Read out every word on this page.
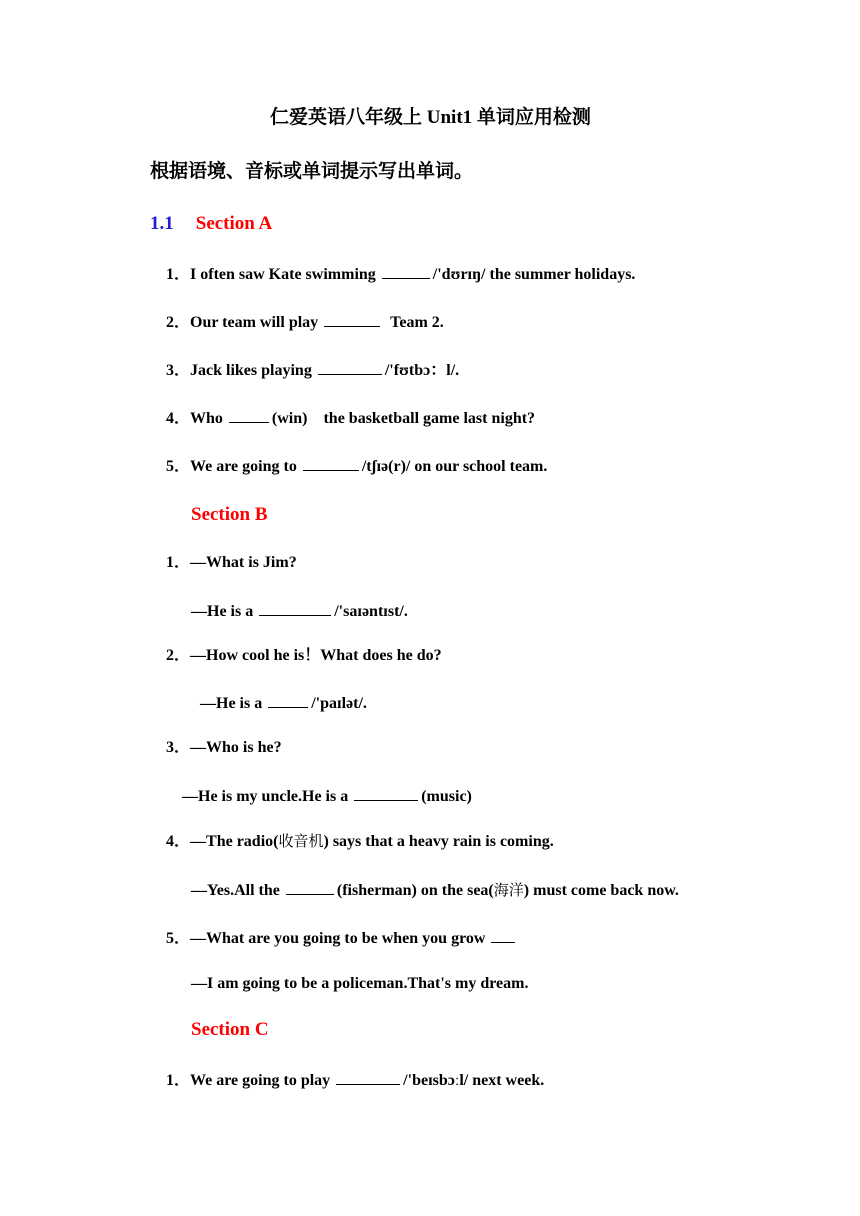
仁爱英语八年级上 Unit1 单词应用检测
根据语境、音标或单词提示写出单词。
1.1 Section A
1．I often saw Kate swimming	/'dʊrɪŋ/ the summer holidays.
2．Our team will play	Team 2.
3．Jack likes playing	/'fʊtbɔ：l/.
4．Who	(win)　the basketball game last night?
5．We are going to	/tʃɪə(r)/ on our school team.
Section B
1．—What is Jim?
—He is a	/'saɪəntɪst/.
2．—How cool he is！What does he do?
—He is a	/'paɪlət/.
3．—Who is he?
—He is my uncle.He is a	(music)
4．—The radio(收音机) says that a heavy rain is coming.
—Yes.All the	(fisherman) on the sea(海洋) must come back now.
5．—What are you going to be when you grow
—I am going to be a policeman.That's my dream.
Section C
1．We are going to play	/'beɪsbɔːl/ next week.
